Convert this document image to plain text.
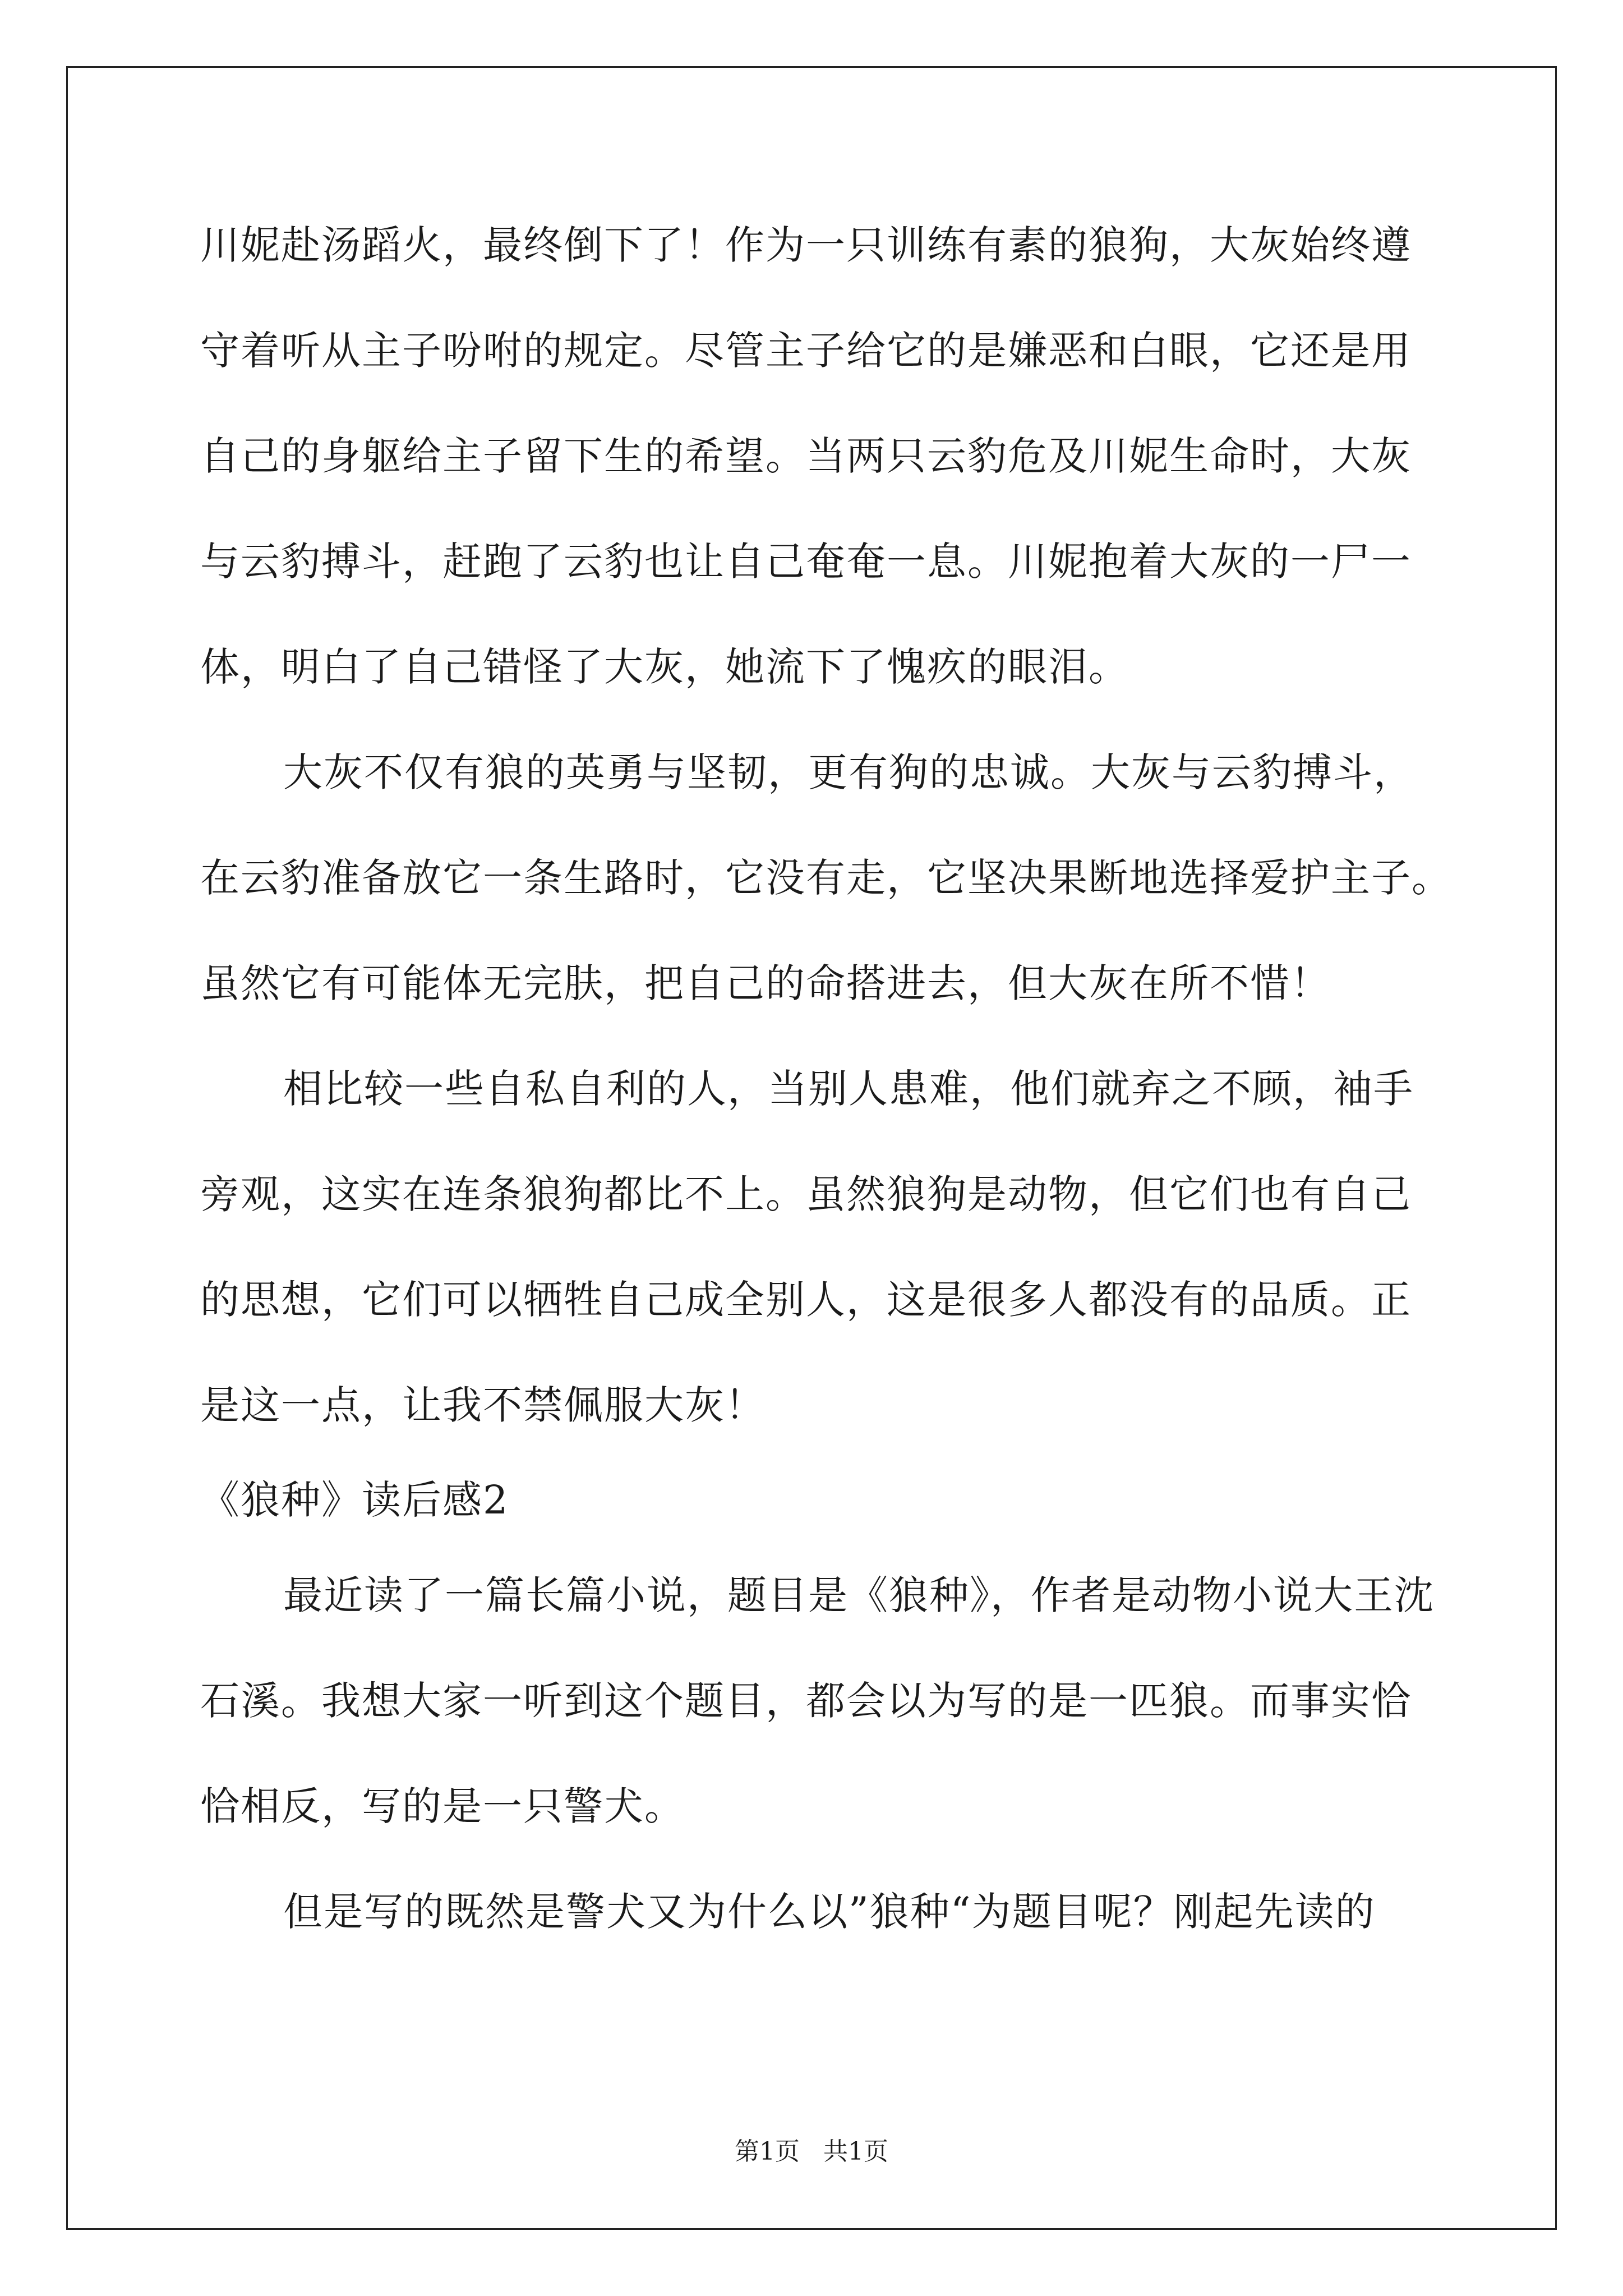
川妮赴汤蹈火，最终倒下了！作为一只训练有素的狼狗，大灰始终遵
守着听从主子吩咐的规定。尽管主子给它的是嫌恶和白眼，它还是用
自己的身躯给主子留下生的希望。当两只云豹危及川妮生命时，大灰
与云豹搏斗，赶跑了云豹也让自己奄奄一息。川妮抱着大灰的一尸一
体，明白了自己错怪了大灰，她流下了愧疚的眼泪。
大灰不仅有狼的英勇与坚韧，更有狗的忠诚。大灰与云豹搏斗，
在云豹准备放它一条生路时，它没有走，它坚决果断地选择爱护主子。
虽然它有可能体无完肤，把自己的命搭进去，但大灰在所不惜！
相比较一些自私自利的人，当别人患难，他们就弃之不顾，袖手
旁观，这实在连条狼狗都比不上。虽然狼狗是动物，但它们也有自己
的思想，它们可以牺牲自己成全别人，这是很多人都没有的品质。正
是这一点，让我不禁佩服大灰！
《狼种》读后感2
最近读了一篇长篇小说，题目是《狼种》，作者是动物小说大王沈
石溪。我想大家一听到这个题目，都会以为写的是一匹狼。而事实恰
恰相反，写的是一只警犬。
但是写的既然是警犬又为什么以”狼种“为题目呢？刚起先读的
第1页   共1页
